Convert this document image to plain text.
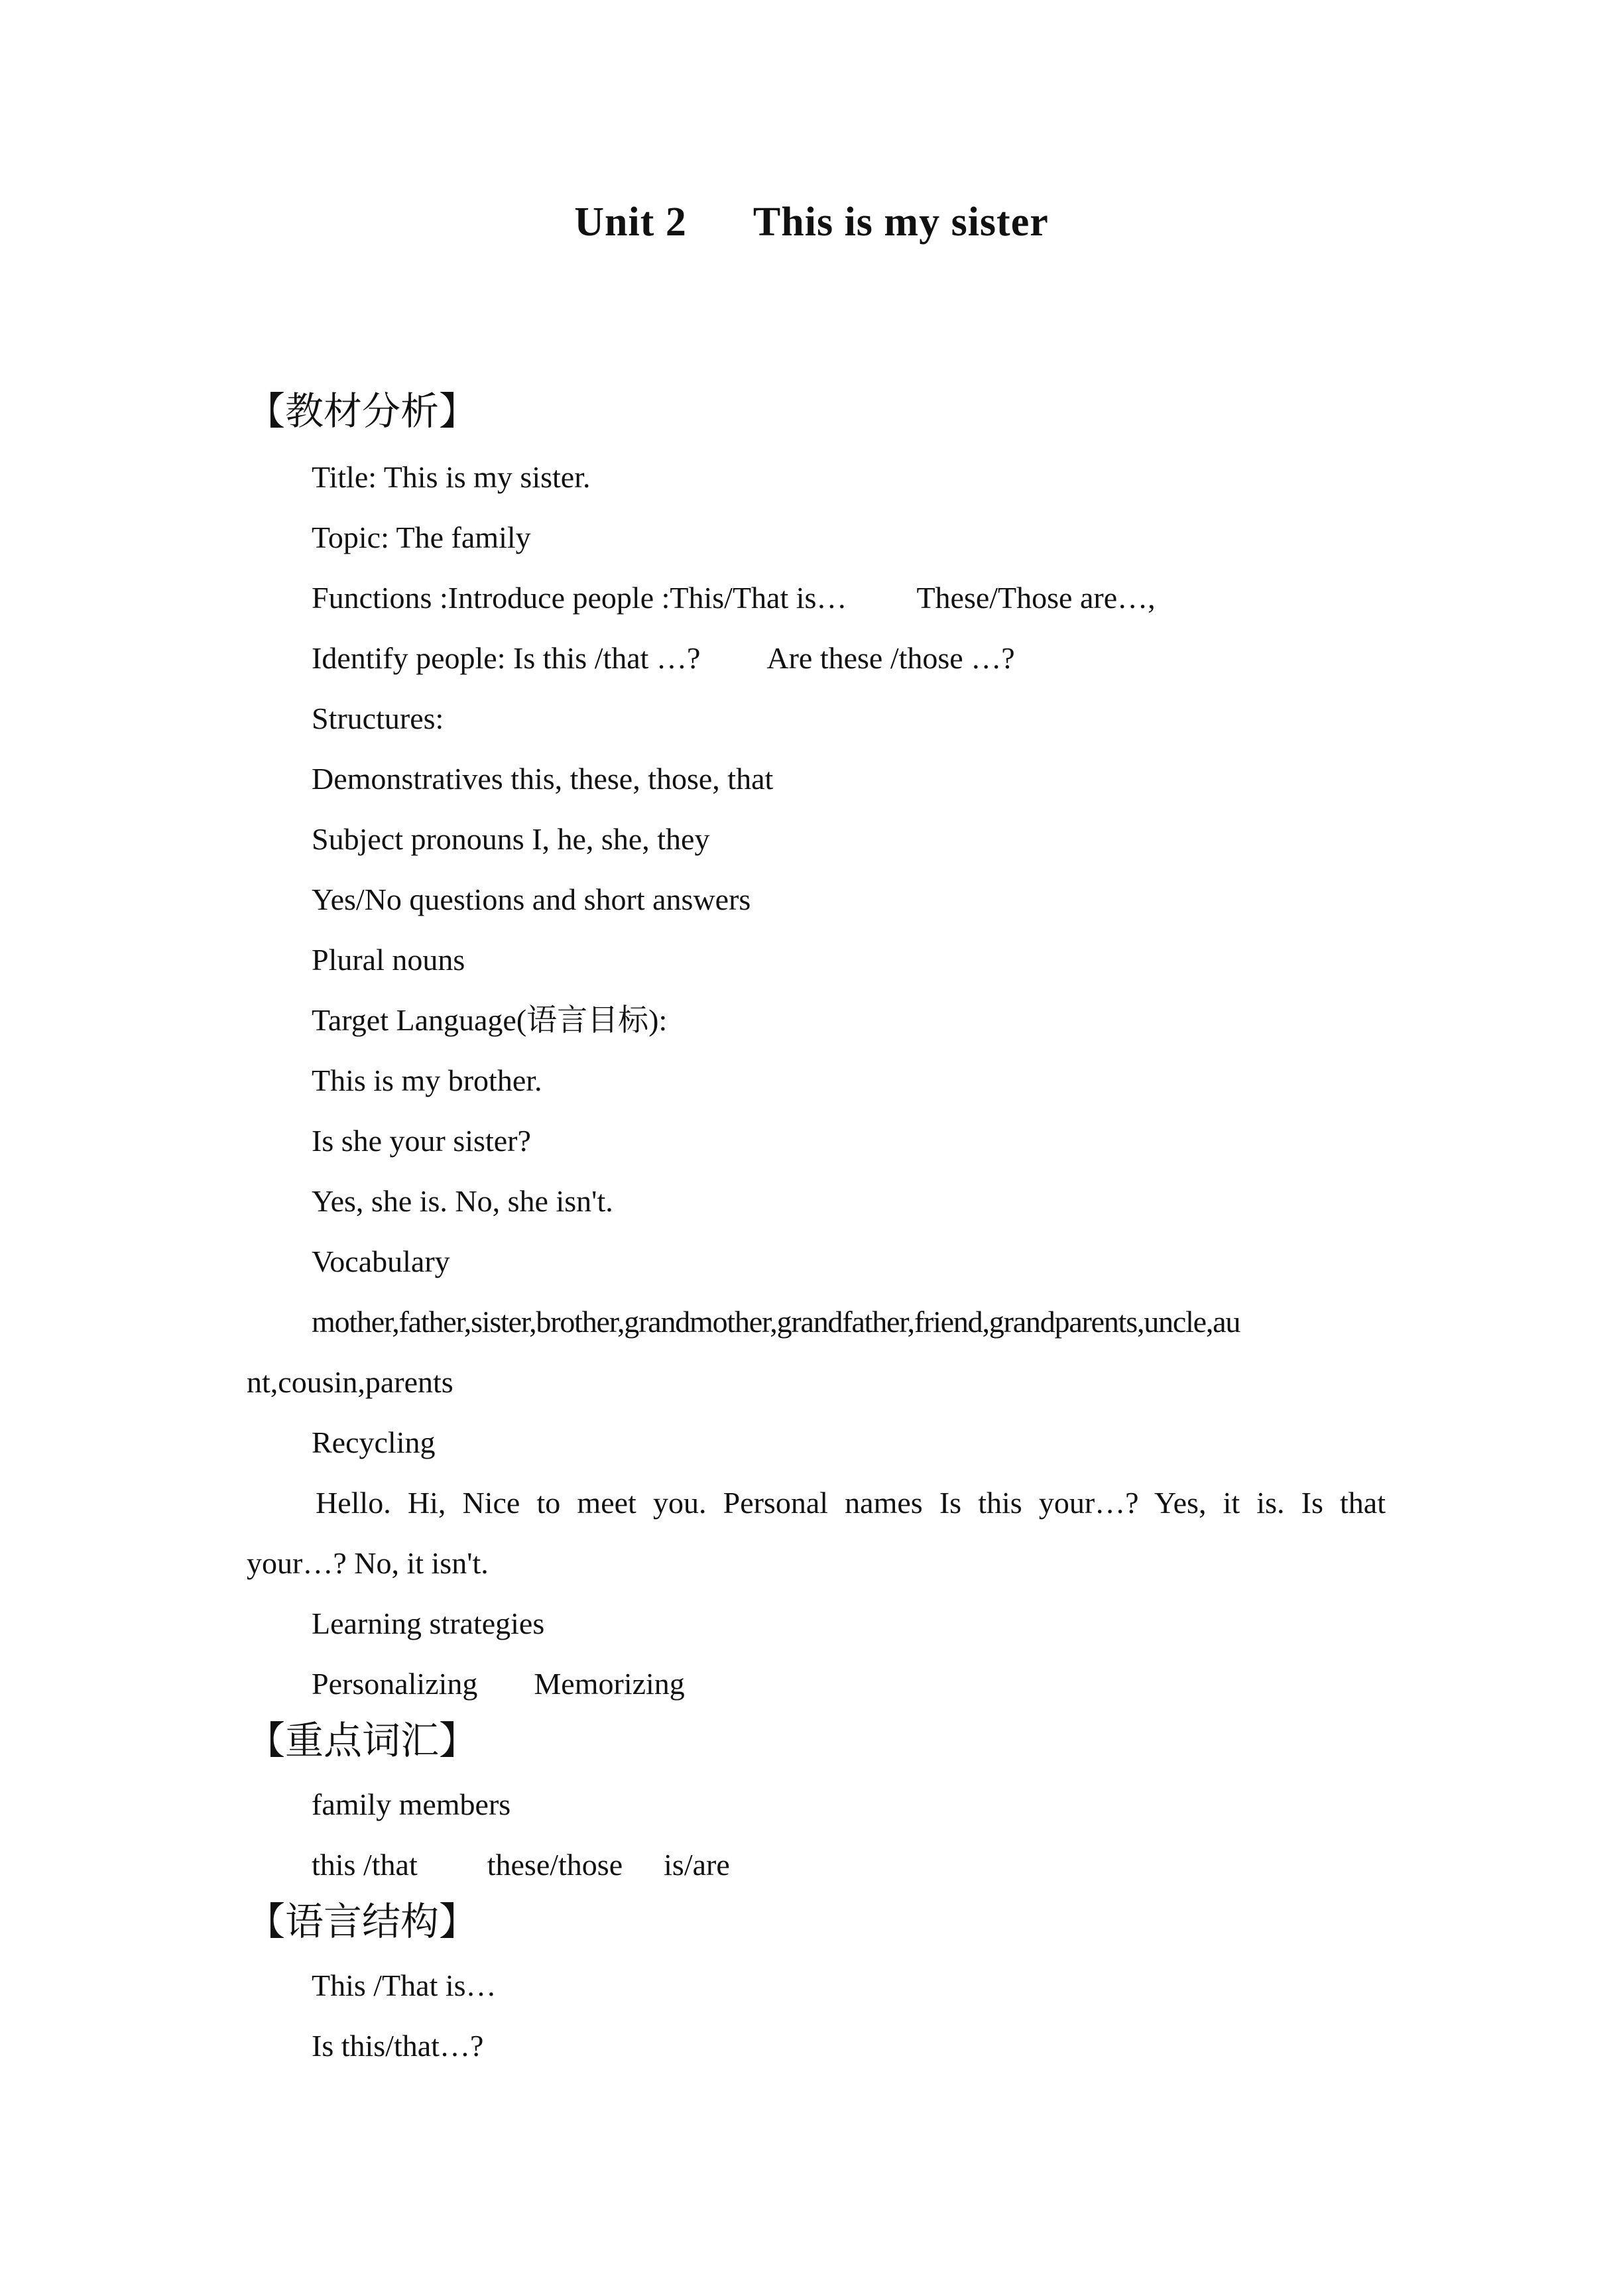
Unit 2 This is my sister
【教材分析】

Title: This is my sister.

Topic: The family

Functions :Introduce people :This/That is… These/Those are…,

Identify people: Is this /that …? Are these /those …?

Structures:

Demonstratives this, these, those, that

Subject pronouns I, he, she, they

Yes/No questions and short answers

Plural nouns

Target Language(语言目标):

This is my brother.

Is she your sister?

Yes, she is. No, she isn't.

Vocabulary

mother,father,sister,brother,grandmother,grandfather,friend,grandparents,uncle,au

nt,cousin,parents

Recycling

Hello. Hi, Nice to meet you. Personal names Is this your…? Yes, it is. Is that

your…? No, it isn't.

Learning strategies

Personalizing Memorizing

【重点词汇】

family members

this /that these/those is/are

【语言结构】

This /That is…

Is this/that…?
